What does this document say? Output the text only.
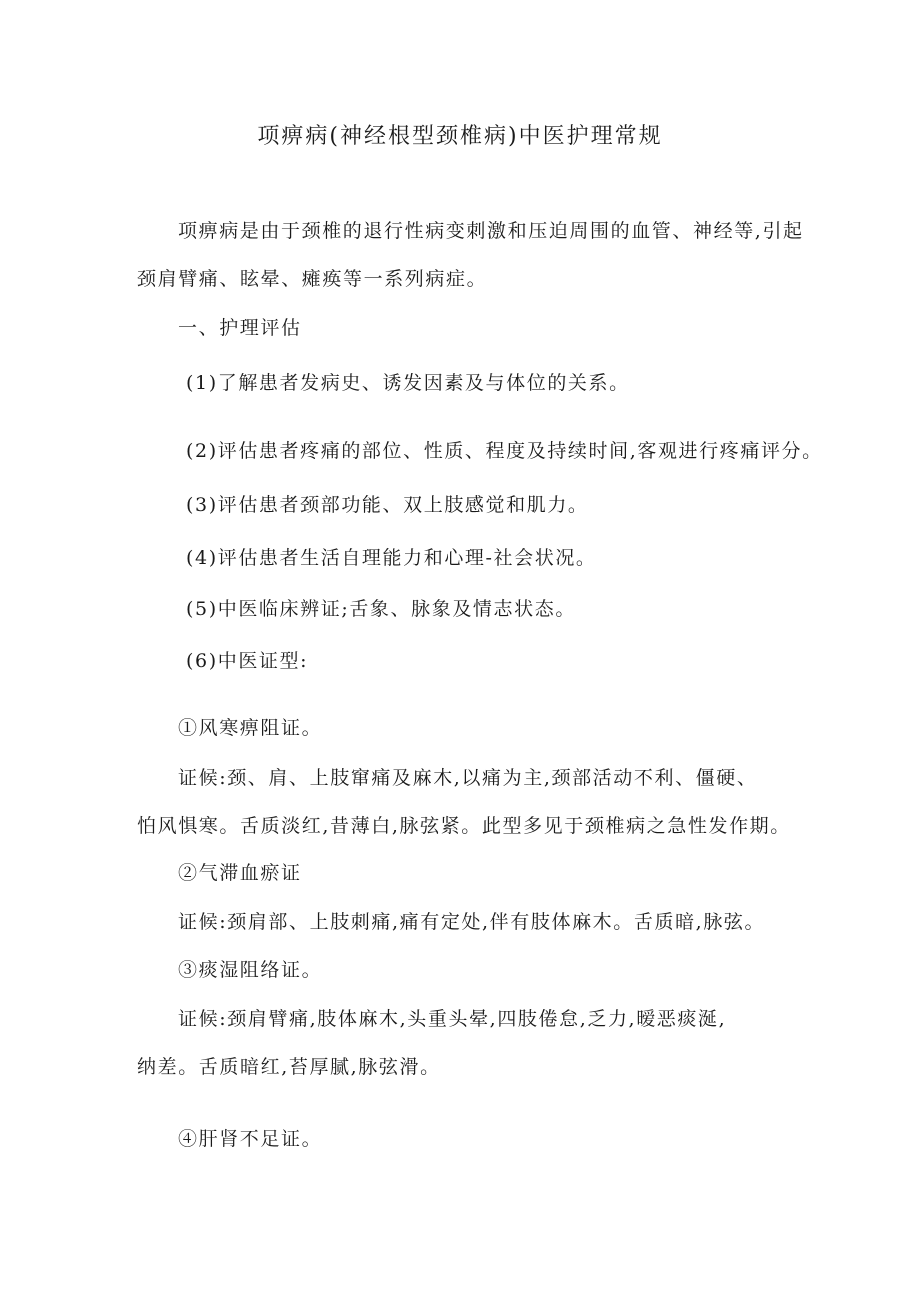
项痹病(神经根型颈椎病)中医护理常规
项痹病是由于颈椎的退行性病变刺激和压迫周围的血管、神经等,引起
颈肩臂痛、眩晕、瘫痪等一系列病症。
一、护理评估
(1)了解患者发病史、诱发因素及与体位的关系。
(2)评估患者疼痛的部位、性质、程度及持续时间,客观进行疼痛评分。
(3)评估患者颈部功能、双上肢感觉和肌力。
(4)评估患者生活自理能力和心理-社会状况。
(5)中医临床辨证;舌象、脉象及情志状态。
(6)中医证型:
①风寒痹阻证。
证候:颈、肩、上肢窜痛及麻木,以痛为主,颈部活动不利、僵硬、
怕风惧寒。舌质淡红,昔薄白,脉弦紧。此型多见于颈椎病之急性发作期。
②气滞血瘀证
证候:颈肩部、上肢刺痛,痛有定处,伴有肢体麻木。舌质暗,脉弦。
③痰湿阻络证。
证候:颈肩臂痛,肢体麻木,头重头晕,四肢倦怠,乏力,暧恶痰涎,
纳差。舌质暗红,苔厚腻,脉弦滑。
④肝肾不足证。
